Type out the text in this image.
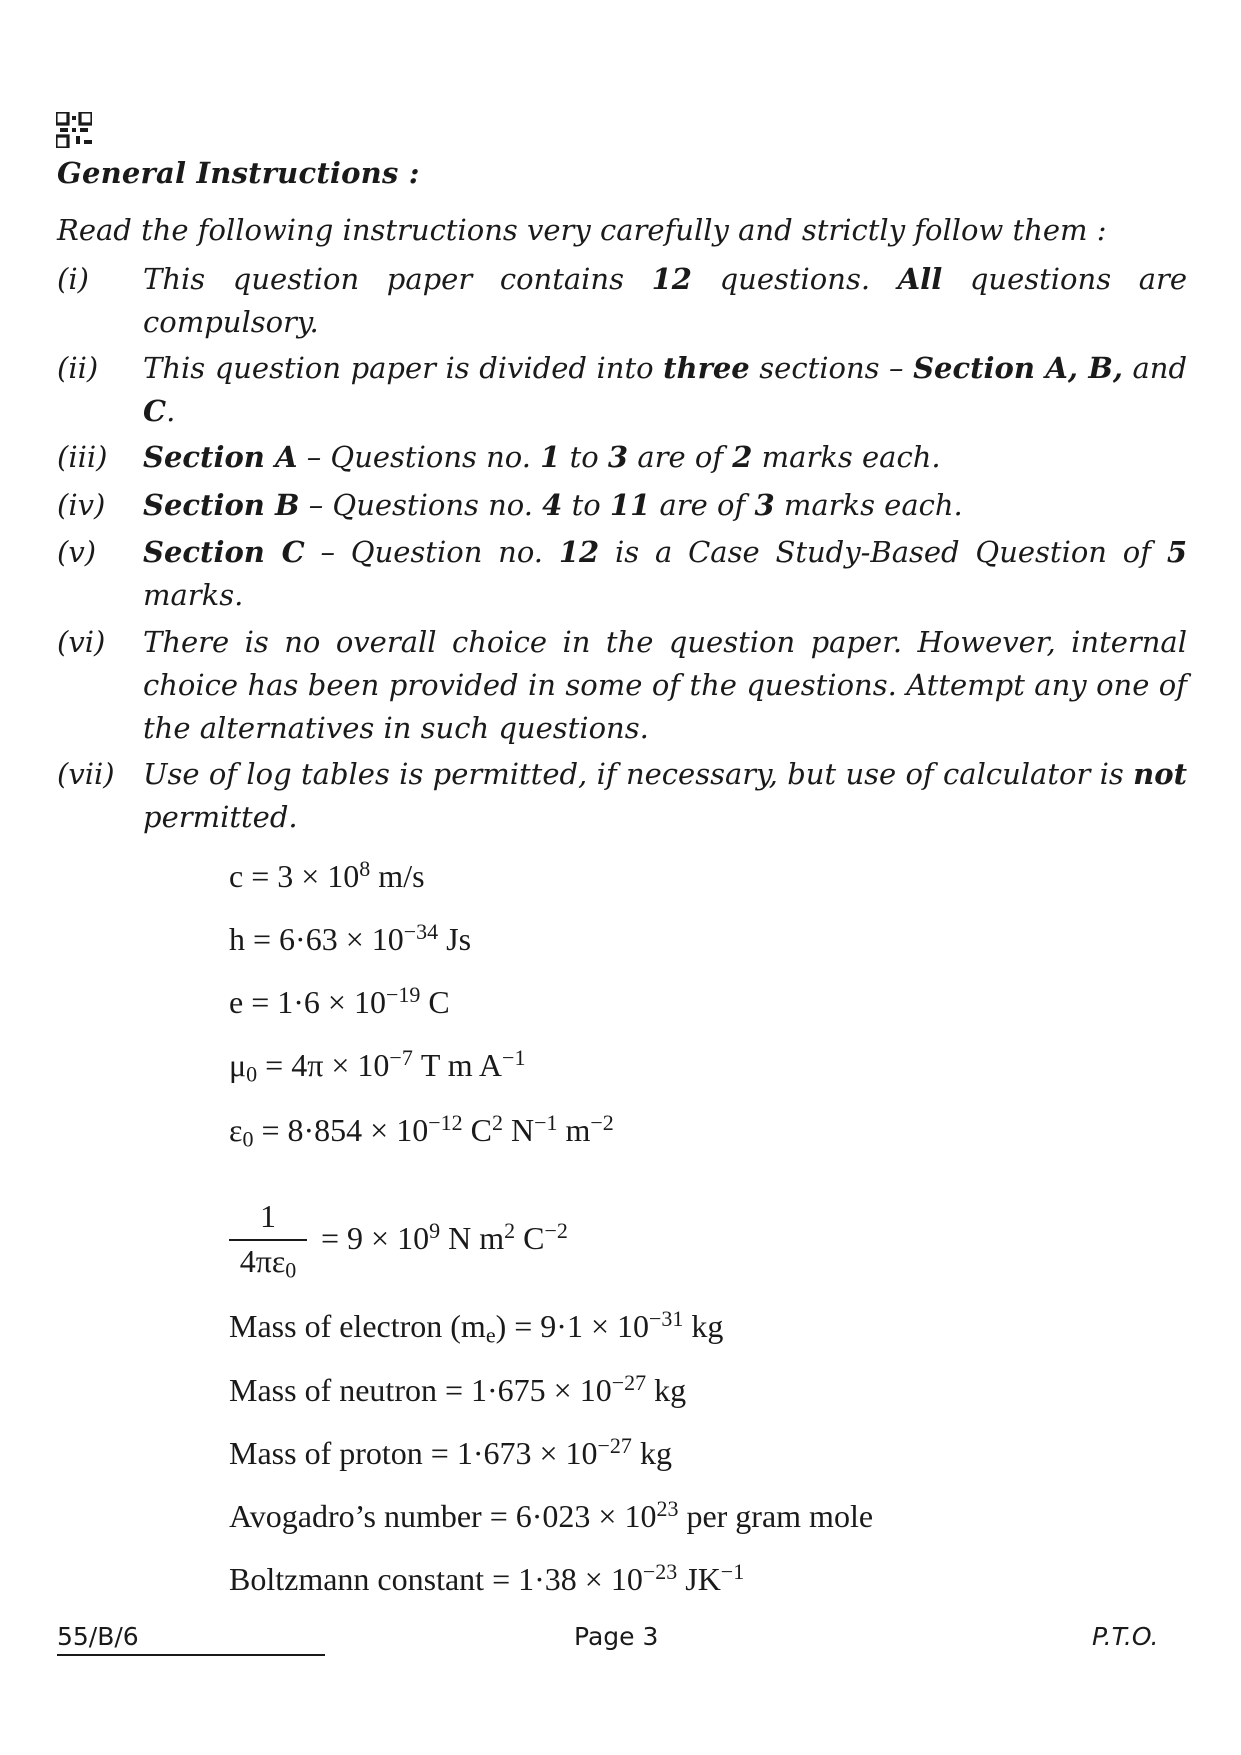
General Instructions :
Read the following instructions very carefully and strictly follow them :
(i) This question paper contains 12 questions. All questions are compulsory.
(ii) This question paper is divided into three sections – Section A, B, and C.
(iii) Section A – Questions no. 1 to 3 are of 2 marks each.
(iv) Section B – Questions no. 4 to 11 are of 3 marks each.
(v) Section C – Question no. 12 is a Case Study-Based Question of 5 marks.
(vi) There is no overall choice in the question paper. However, internal choice has been provided in some of the questions. Attempt any one of the alternatives in such questions.
(vii) Use of log tables is permitted, if necessary, but use of calculator is not permitted.
$c = 3 \times 10^8$ m/s
$h = 6\cdot 63 \times 10^{-34}$ Js
$e = 1\cdot 6 \times 10^{-19}$ C
$\mu_0 = 4\pi \times 10^{-7}$ T m $A^{-1}$
$\varepsilon_0 = 8\cdot 854 \times 10^{-12}$ $C^2$ $N^{-1}$ $m^{-2}$
1
$4\pi\varepsilon_0$
= $9 \times 10^9$ N $m^2$ $C^{-2}$
Mass of electron $(m_e) = 9\cdot 1 \times 10^{-31}$ kg
Mass of neutron = $1\cdot 675 \times 10^{-27}$ kg
Mass of proton = $1\cdot 673 \times 10^{-27}$ kg
Avogadro’s number = $6\cdot 023 \times 10^{23}$ per gram mole
Boltzmann constant = $1\cdot 38 \times 10^{-23}$ $JK^{-1}$
55/B/6	Page 3	P.T.O.
